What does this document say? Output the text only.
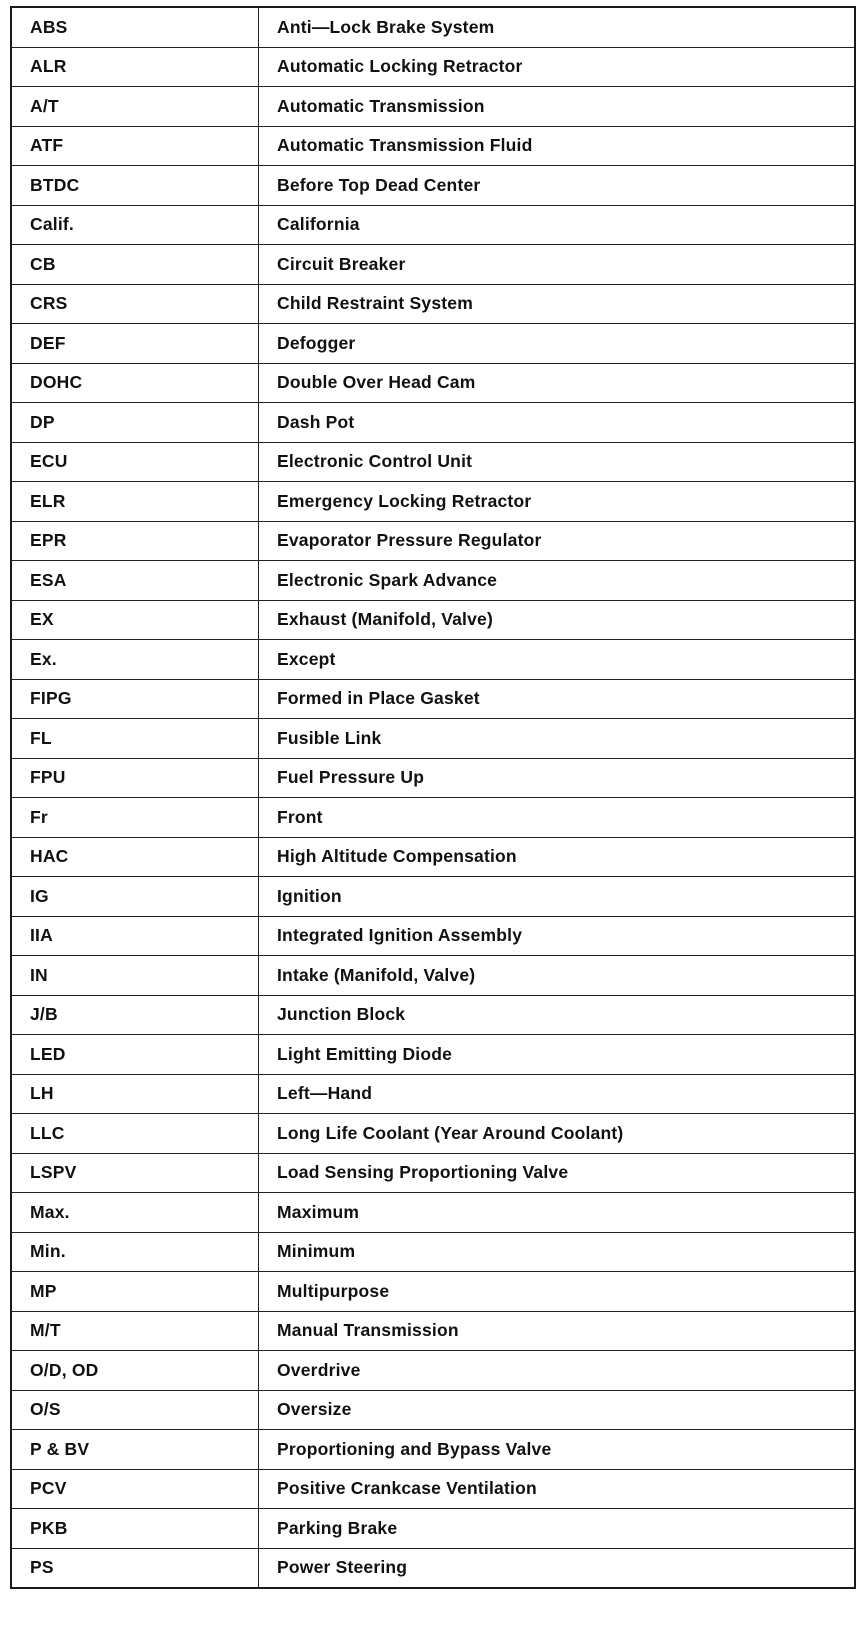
ABS	Anti—Lock Brake System
ALR	Automatic Locking Retractor
A/T	Automatic Transmission
ATF	Automatic Transmission Fluid
BTDC	Before Top Dead Center
Calif.	California
CB	Circuit Breaker
CRS	Child Restraint System
DEF	Defogger
DOHC	Double Over Head Cam
DP	Dash Pot
ECU	Electronic Control Unit
ELR	Emergency Locking Retractor
EPR	Evaporator Pressure Regulator
ESA	Electronic Spark Advance
EX	Exhaust (Manifold, Valve)
Ex.	Except
FIPG	Formed in Place Gasket
FL	Fusible Link
FPU	Fuel Pressure Up
Fr	Front
HAC	High Altitude Compensation
IG	Ignition
IIA	Integrated Ignition Assembly
IN	Intake (Manifold, Valve)
J/B	Junction Block
LED	Light Emitting Diode
LH	Left—Hand
LLC	Long Life Coolant (Year Around Coolant)
LSPV	Load Sensing Proportioning Valve
Max.	Maximum
Min.	Minimum
MP	Multipurpose
M/T	Manual Transmission
O/D, OD	Overdrive
O/S	Oversize
P & BV	Proportioning and Bypass Valve
PCV	Positive Crankcase Ventilation
PKB	Parking Brake
PS	Power Steering
